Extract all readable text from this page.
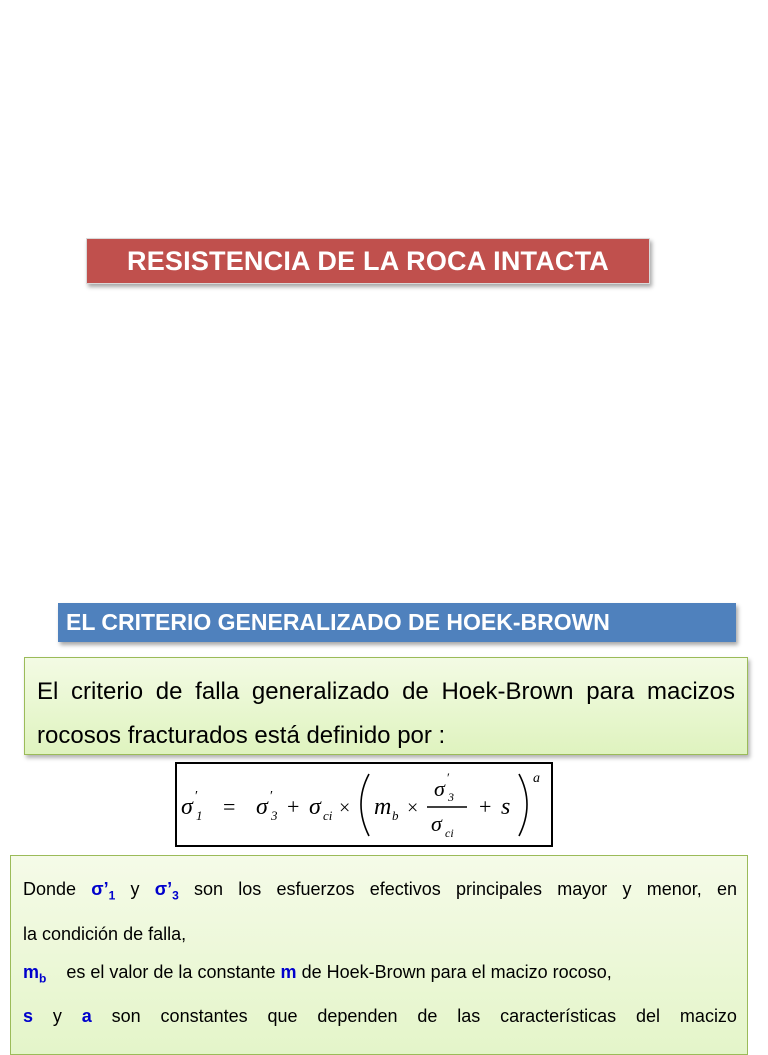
RESISTENCIA DE LA ROCA INTACTA
EL CRITERIO GENERALIZADO DE HOEK-BROWN

El criterio de falla generalizado de Hoek-Brown para macizos rocosos fracturados está definido por :

σ ′
1 = σ ′
3 + σ ci × m b ×
σ ′
3
σ ci
+ s
a

Donde $\sigma’_1$ y $\sigma’_3$ son los esfuerzos efectivos principales mayor y menor, en

la condición de falla,

$m_b$ es el valor de la constante m de Hoek-Brown para el macizo rocoso,

s y a son constantes que dependen de las características del macizo
